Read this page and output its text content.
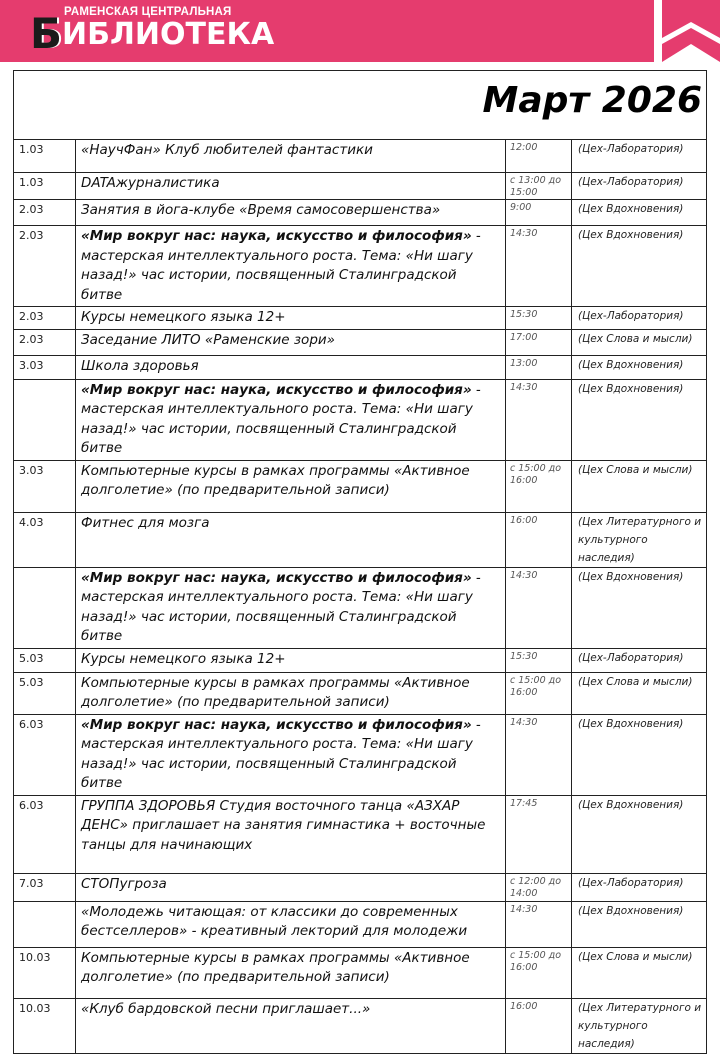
РАМЕНСКАЯ ЦЕНТРАЛЬНАЯ
БИБЛИОТЕКА
Март 2026			

1.03	«НаучФан» Клуб любителей фантастики	12:00	(Цех-Лаборатория)
1.03	DATAжурналистика	с 13:00 до 15:00	(Цех-Лаборатория)
2.03	Занятия в йога-клубе «Время самосовершенства»	9:00	(Цех Вдохновения)
2.03	«Мир вокруг нас: наука, искусство и философия» - мастерская интеллектуального роста. Тема: «Ни шагу назад!» час истории, посвященный Сталинградской битве	14:30	(Цех Вдохновения)
2.03	Курсы немецкого языка 12+	15:30	(Цех-Лаборатория)
2.03	Заседание ЛИТО «Раменские зори»	17:00	(Цех Слова и мысли)
3.03	Школа здоровья	13:00	(Цех Вдохновения)
	«Мир вокруг нас: наука, искусство и философия» - мастерская интеллектуального роста. Тема: «Ни шагу назад!» час истории, посвященный Сталинградской битве	14:30	(Цех Вдохновения)
3.03	Компьютерные курсы в рамках программы «Активное долголетие» (по предварительной записи)	с 15:00 до 16:00	(Цех Слова и мысли)
4.03	Фитнес для мозга	16:00	(Цех Литературного и культурного наследия)
	«Мир вокруг нас: наука, искусство и философия» - мастерская интеллектуального роста. Тема: «Ни шагу назад!» час истории, посвященный Сталинградской битве	14:30	(Цех Вдохновения)
5.03	Курсы немецкого языка 12+	15:30	(Цех-Лаборатория)
5.03	Компьютерные курсы в рамках программы «Активное долголетие» (по предварительной записи)	с 15:00 до 16:00	(Цех Слова и мысли)
6.03	«Мир вокруг нас: наука, искусство и философия» - мастерская интеллектуального роста. Тема: «Ни шагу назад!» час истории, посвященный Сталинградской битве	14:30	(Цех Вдохновения)
6.03	ГРУППА ЗДОРОВЬЯ Студия восточного танца «АЗХАР ДЕНС» приглашает на занятия гимнастика + восточные танцы для начинающих	17:45	(Цех Вдохновения)
7.03	СТОПугроза	с 12:00 до 14:00	(Цех-Лаборатория)
	«Молодежь читающая: от классики до современных бестселлеров» - креативный лекторий для молодежи	14:30	(Цех Вдохновения)
10.03	Компьютерные курсы в рамках программы «Активное долголетие» (по предварительной записи)	с 15:00 до 16:00	(Цех Слова и мысли)
10.03	«Клуб бардовской песни приглашает...»	16:00	(Цех Литературного и культурного наследия)
